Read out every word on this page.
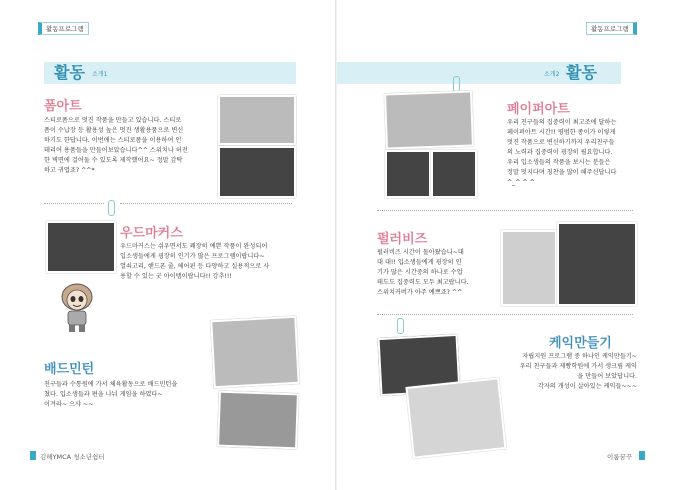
활동프로그램
활동 소개1
폼아트
스티로폼으로 멋진 작품을 만들고 있습니다. 스티로
폼이 수납장 등 활용성 높은 멋진 생활용품으로 변신
하기도 한답니다. 이번에는 스티로폼을 이용하여 인
테리어 용품들을 만들어보았습니다^^ 스위치나 허전
한 벽면에 걸어둘 수 있도록 제작했어요~ 정말 감탁
하고 귀엽죠? ^^*
우드마커스
우드마커스는 쉬우면서도 꽤장히 예쁜 작품이 완성되어
입소생들에게 굉장히 인기가 많은 프로그램이랍니다~
열쇠고리, 핸드폰 줄, 헤어핀 등 다양하고 실용적으로 사
용할 수 있는 굿 아이템이랍니다!! 강추!!!
배드민턴
친구들과 수통원에 가서 체육활동으로 배드민턴을
쳤다. 입소생들과 편을 나눠 게임을 하였다~
이겨라~ 으샤 ~~
김해YMCA 청소년쉼터
활동프로그램
소개2 활동
페이퍼아트
우리 친구들의 집중력이 최고조에 달하는
페이퍼아트 시간!! 평범한 종이가 이렇게
멋진 작품으로 변신하기까지 우리친구들
의 노력과 집중력이 굉장히 필요합니다.
우리 입소생들의 작품을 보시는 분들은
정말 멋지다며 칭찬을 많이 해주신답니다
^_^ ^ ^
펄러비즈
펄러비즈 시간이 돌아왔습니~대
대 대!! 입소생들에게 굉장히 인
기가 많은 시간중의 하나로 수업
태도도 집중력도 모두 최고랍니다.
스위치커버가 아주 예쁘죠? ^^
케익만들기
자립지원 프로그램 중 하나인 케익만들기~
우리 친구들과 제빵학원에 가서 생크림 케익
을 만들어 보았답니다.
각자의 개성이 살아있는 케익들~~~
이룸꿈꾸
